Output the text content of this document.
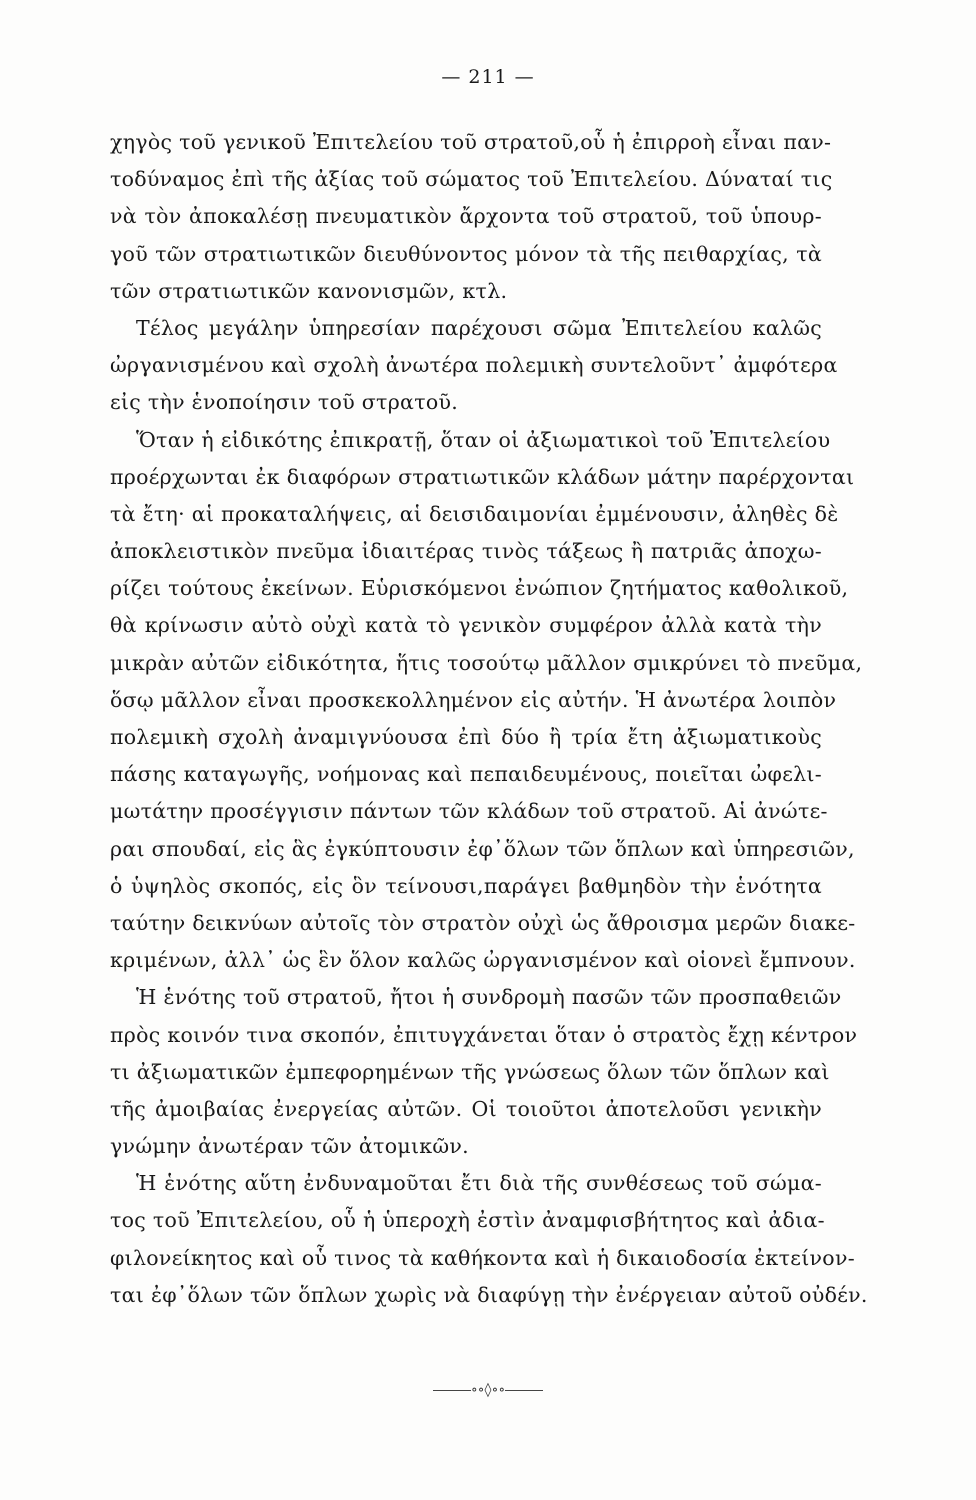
— 211 —
χηγὸς τοῦ γενικοῦ Ἐπιτελείου τοῦ στρατοῦ,οὗ ἡ ἐπιρροὴ εἶναι παν-
τοδύναμος ἐπὶ τῆς ἀξίας τοῦ σώματος τοῦ Ἐπιτελείου. Δύναταί τις
νὰ τὸν ἀποκαλέσῃ πνευματικὸν ἄρχοντα τοῦ στρατοῦ, τοῦ ὑπουρ-
γοῦ τῶν στρατιωτικῶν διευθύνοντος μόνον τὰ τῆς πειθαρχίας, τὰ
τῶν στρατιωτικῶν κανονισμῶν, κτλ.
Τέλος μεγάλην ὑπηρεσίαν παρέχουσι σῶμα Ἐπιτελείου καλῶς
ὠργανισμένου καὶ σχολὴ ἀνωτέρα πολεμικὴ συντελοῦντ᾽ ἀμφότερα
εἰς τὴν ἑνοποίησιν τοῦ στρατοῦ.
Ὅταν ἡ εἰδικότης ἐπικρατῇ, ὅταν οἱ ἀξιωματικοὶ τοῦ Ἐπιτελείου
προέρχωνται ἐκ διαφόρων στρατιωτικῶν κλάδων μάτην παρέρχονται
τὰ ἔτη· αἱ προκαταλήψεις, αἱ δεισιδαιμονίαι ἐμμένουσιν, ἀληθὲς δὲ
ἀποκλειστικὸν πνεῦμα ἰδιαιτέρας τινὸς τάξεως ἢ πατριᾶς ἀποχω-
ρίζει τούτους ἐκείνων. Εὑρισκόμενοι ἐνώπιον ζητήματος καθολικοῦ,
θὰ κρίνωσιν αὐτὸ οὐχὶ κατὰ τὸ γενικὸν συμφέρον ἀλλὰ κατὰ τὴν
μικρὰν αὐτῶν εἰδικότητα, ἥτις τοσούτῳ μᾶλλον σμικρύνει τὸ πνεῦμα,
ὅσῳ μᾶλλον εἶναι προσκεκολλημένον εἰς αὐτήν. Ἡ ἀνωτέρα λοιπὸν
πολεμικὴ σχολὴ ἀναμιγνύουσα ἐπὶ δύο ἢ τρία ἔτη ἀξιωματικοὺς
πάσης καταγωγῆς, νοήμονας καὶ πεπαιδευμένους, ποιεῖται ὠφελι-
μωτάτην προσέγγισιν πάντων τῶν κλάδων τοῦ στρατοῦ. Αἱ ἀνώτε-
ραι σπουδαί, εἰς ἃς ἐγκύπτουσιν ἐφ᾽ὅλων τῶν ὅπλων καὶ ὑπηρεσιῶν,
ὁ ὑψηλὸς σκοπός, εἰς ὃν τείνουσι,παράγει βαθμηδὸν τὴν ἑνότητα
ταύτην δεικνύων αὐτοῖς τὸν στρατὸν οὐχὶ ὡς ἄθροισμα μερῶν διακε-
κριμένων, ἀλλ᾽ ὡς ἓν ὅλον καλῶς ὠργανισμένον καὶ οἱονεὶ ἔμπνουν.
Ἡ ἑνότης τοῦ στρατοῦ, ἤτοι ἡ συνδρομὴ πασῶν τῶν προσπαθειῶν
πρὸς κοινόν τινα σκοπόν, ἐπιτυγχάνεται ὅταν ὁ στρατὸς ἔχῃ κέντρον
τι ἀξιωματικῶν ἐμπεφορημένων τῆς γνώσεως ὅλων τῶν ὅπλων καὶ
τῆς ἀμοιβαίας ἐνεργείας αὐτῶν. Οἱ τοιοῦτοι ἀποτελοῦσι γενικὴν
γνώμην ἀνωτέραν τῶν ἀτομικῶν.
Ἡ ἑνότης αὕτη ἐνδυναμοῦται ἔτι διὰ τῆς συνθέσεως τοῦ σώμα-
τος τοῦ Ἐπιτελείου, οὗ ἡ ὑπεροχὴ ἐστὶν ἀναμφισβήτητος καὶ ἀδια-
φιλονείκητος καὶ οὗ τινος τὰ καθήκοντα καὶ ἡ δικαιοδοσία ἐκτείνον-
ται ἐφ᾽ὅλων τῶν ὅπλων χωρὶς νὰ διαφύγῃ τὴν ἐνέργειαν αὐτοῦ οὐδέν.
∘∘◊∘∘
